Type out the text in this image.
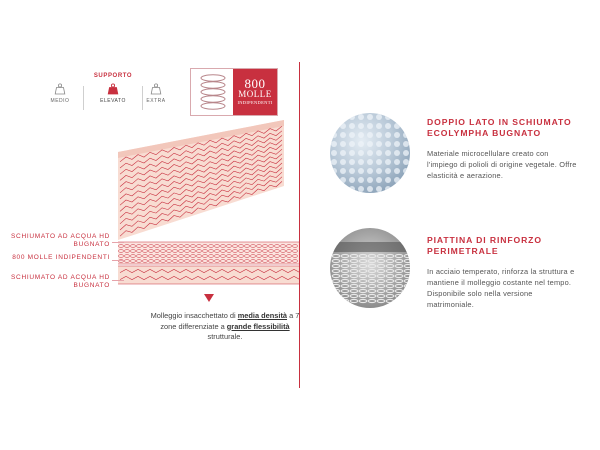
SUPPORTO
MEDIO	ELEVATO	EXTRA
800
MOLLE
INDIPENDENTI
SCHIUMATO AD ACQUA HD BUGNATO
800 MOLLE INDIPENDENTI
SCHIUMATO AD ACQUA HD BUGNATO
Molleggio insacchettato di media densità a 7 zone differenziate a grande flessibilità strutturale.
DOPPIO LATO IN SCHIUMATO ECOLYMPHA BUGNATO
Materiale microcellulare creato con l'impiego di polioli di origine vegetale. Offre elasticità e aerazione.
PIATTINA DI RINFORZO PERIMETRALE
In acciaio temperato, rinforza la struttura e mantiene il molleggio costante nel tempo. Disponibile solo nella versione matrimoniale.
